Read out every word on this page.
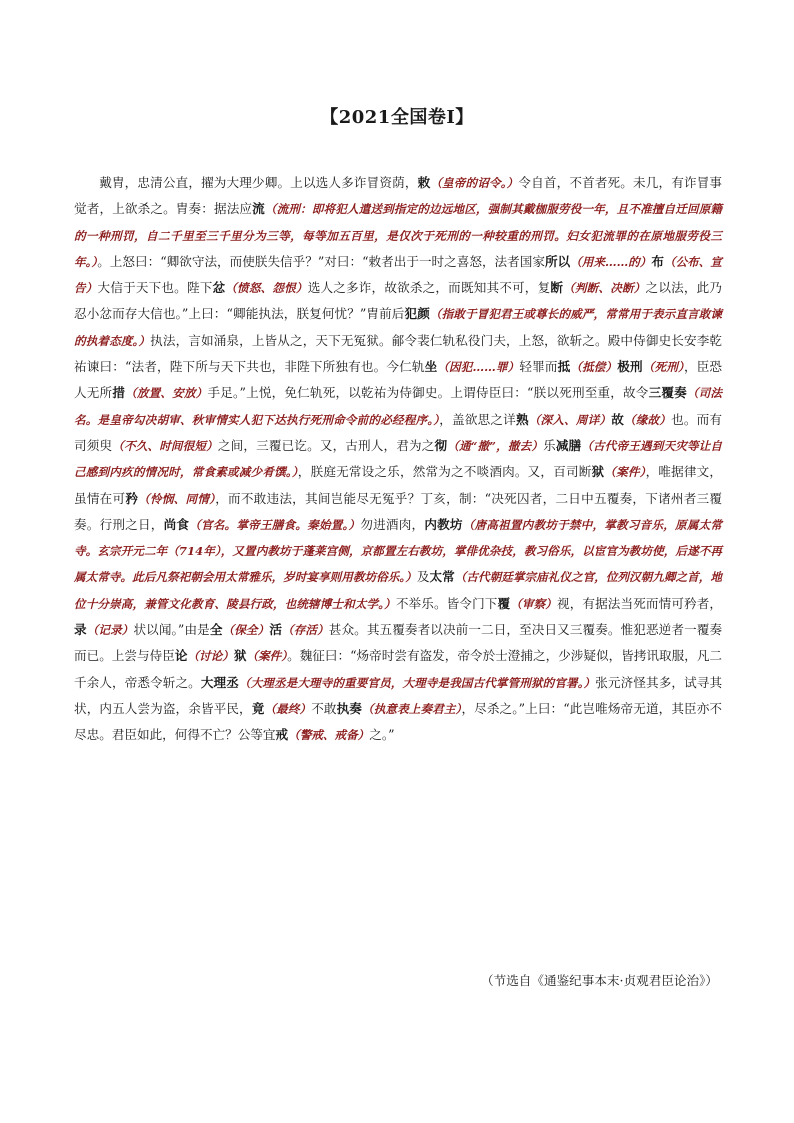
【2021全国卷Ⅰ】

戴胄，忠清公直，擢为大理少卿。上以选人多诈冒资荫，敕（皇帝的诏令。）令自首，不首者死。未几，有诈冒事觉者，上欲杀之。胄奏：据法应流（流刑：即将犯人遣送到指定的边远地区，强制其戴枷服劳役一年，且不准擅自迁回原籍的一种刑罚，自二千里至三千里分为三等，每等加五百里，是仅次于死刑的一种较重的刑罚。妇女犯流罪的在原地服劳役三年。）。上怒曰：“卿欲守法，而使朕失信乎？”对曰：“敕者出于一时之喜怒，法者国家所以（用来……的）布（公布、宣告）大信于天下也。陛下忿（愤怒、怨恨）选人之多诈，故欲杀之，而既知其不可，复断（判断、决断）之以法，此乃忍小忿而存大信也。”上曰：“卿能执法，朕复何忧？”胄前后犯颜（指敢于冒犯君王或尊长的威严，常常用于表示直言敢谏的执着态度。）执法，言如涌泉，上皆从之，天下无冤狱。鄃令裴仁轨私役门夫，上怒，欲斩之。殿中侍御史长安李乾祐谏曰：“法者，陛下所与天下共也，非陛下所独有也。今仁轨坐（因犯……罪）轻罪而抵（抵偿）极刑（死刑），臣恐人无所措（放置、安放）手足。”上悦，免仁轨死，以乾祐为侍御史。上谓侍臣曰：“朕以死刑至重，故令三覆奏（司法名。是皇帝勾决胡审、秋审情实人犯下达执行死刑命令前的必经程序。），盖欲思之详熟（深入、周详）故（缘故）也。而有司须臾（不久、时间很短）之间，三覆已讫。又，古刑人，君为之彻（通“撤”，撤去）乐减膳（古代帝王遇到天灾等让自己感到内疚的情况时，常食素或减少肴馔。），朕庭无常设之乐，然常为之不啖酒肉。又，百司断狱（案件），唯据律文，虽情在可矜（怜悯、同情），而不敢违法，其间岂能尽无冤乎？丁亥，制：“决死囚者，二日中五覆奏，下诸州者三覆奏。行刑之日，尚食（官名。掌帝王膳食。秦始置。）勿进酒肉，内教坊（唐高祖置内教坊于禁中，掌教习音乐，原属太常寺。玄宗开元二年（714年），又置内教坊于蓬莱宫侧，京都置左右教坊，掌俳优杂技，教习俗乐，以宦官为教坊使，后遂不再属太常寺。此后凡祭祀朝会用太常雅乐，岁时宴享则用教坊俗乐。）及太常（古代朝廷掌宗庙礼仪之官，位列汉朝九卿之首，地位十分崇高，兼管文化教育、陵县行政，也统辖博士和太学。）不举乐。皆令门下覆（审察）视，有据法当死而情可矜者，录（记录）状以闻。”由是全（保全）活（存活）甚众。其五覆奏者以决前一二日，至决日又三覆奏。惟犯恶逆者一覆奏而已。上尝与侍臣论（讨论）狱（案件）。魏征曰：“炀帝时尝有盗发，帝令於士澄捕之，少涉疑似，皆拷讯取服，凡二千余人，帝悉令斩之。大理丞（大理丞是大理寺的重要官员，大理寺是我国古代掌管刑狱的官署。）张元济怪其多，试寻其状，内五人尝为盗，余皆平民，竟（最终）不敢执奏（执意表上奏君主），尽杀之。”上曰：“此岂唯炀帝无道，其臣亦不尽忠。君臣如此，何得不亡？公等宜戒（警戒、戒备）之。”

（节选自《通鉴纪事本末·贞观君臣论治》）
